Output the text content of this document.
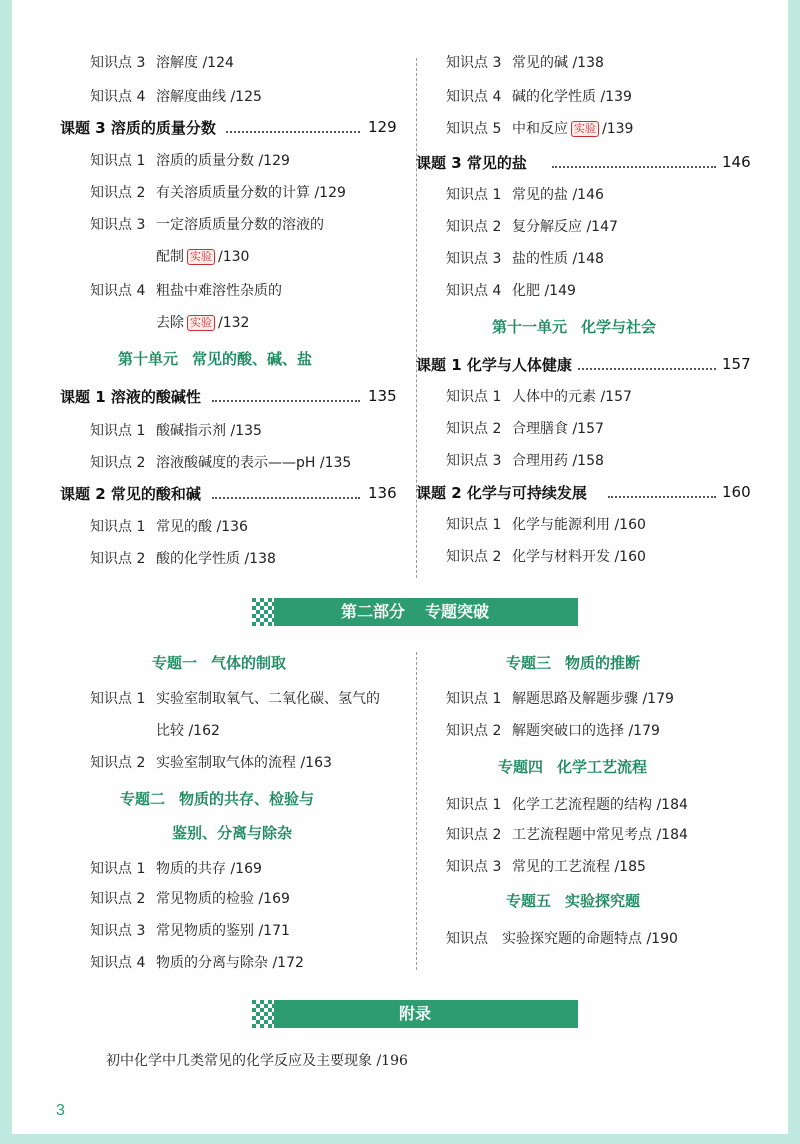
知识点 3 溶解度 /124
知识点 4 溶解度曲线 /125
课题 3 溶质的质量分数	129
知识点 1 溶质的质量分数 /129
知识点 2 有关溶质质量分数的计算 /129
知识点 3 一定溶质质量分数的溶液的
配制 实验 /130
知识点 4 粗盐中难溶性杂质的
去除 实验 /132
第十单元 常见的酸、碱、盐
课题 1 溶液的酸碱性	135
知识点 1 酸碱指示剂 /135
知识点 2 溶液酸碱度的表示——pH /135
课题 2 常见的酸和碱	136
知识点 1 常见的酸 /136
知识点 2 酸的化学性质 /138
知识点 3 常见的碱 /138
知识点 4 碱的化学性质 /139
知识点 5 中和反应 实验 /139
课题 3 常见的盐	146
知识点 1 常见的盐 /146
知识点 2 复分解反应 /147
知识点 3 盐的性质 /148
知识点 4 化肥 /149
第十一单元 化学与社会
课题 1 化学与人体健康	157
知识点 1 人体中的元素 /157
知识点 2 合理膳食 /157
知识点 3 合理用药 /158
课题 2 化学与可持续发展	160
知识点 1 化学与能源利用 /160
知识点 2 化学与材料开发 /160
第二部分 专题突破
专题一 气体的制取
知识点 1 实验室制取氧气、二氧化碳、氢气的
比较 /162
知识点 2 实验室制取气体的流程 /163
专题二 物质的共存、检验与
鉴别、分离与除杂
知识点 1 物质的共存 /169
知识点 2 常见物质的检验 /169
知识点 3 常见物质的鉴别 /171
知识点 4 物质的分离与除杂 /172
专题三 物质的推断
知识点 1 解题思路及解题步骤 /179
知识点 2 解题突破口的选择 /179
专题四 化学工艺流程
知识点 1 化学工艺流程题的结构 /184
知识点 2 工艺流程题中常见考点 /184
知识点 3 常见的工艺流程 /185
专题五 实验探究题
知识点 实验探究题的命题特点 /190
附录
初中化学中几类常见的化学反应及主要现象 /196
3
